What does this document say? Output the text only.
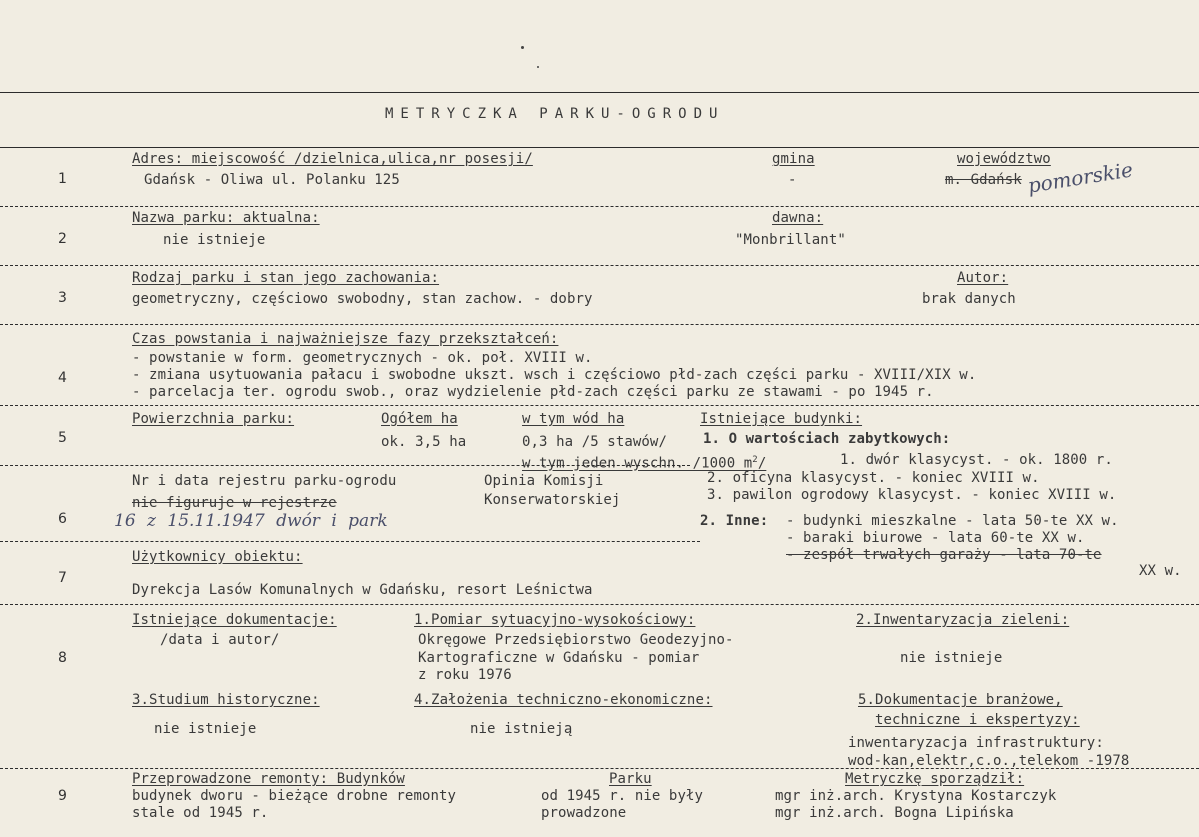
METRYCZKA PARKU-OGRODU
1
Adres: miejscowość /dzielnica,ulica,nr posesji/
Gdańsk - Oliwa ul. Polanku 125
gmina
-
województwo
m. Gdańsk pomorskie
2
Nazwa parku: aktualna:
nie istnieje
dawna:
"Monbrillant"
3
Rodzaj parku i stan jego zachowania:
geometryczny, częściowo swobodny, stan zachow. - dobry
Autor:
brak danych
4
Czas powstania i najważniejsze fazy przekształceń:
- powstanie w form. geometrycznych - ok. poł. XVIII w.
- zmiana usytuowania pałacu i swobodne ukszt. wsch i częściowo płd-zach części parku - XVIII/XIX w.
- parcelacja ter. ogrodu swob., oraz wydzielenie płd-zach części parku ze stawami - po 1945 r.
5
Powierzchnia parku:	Ogółem ha
ok. 3,5 ha
w tym wód ha
0,3 ha /5 stawów/
w tym jeden wyschn. /1000 $m^2/$
Istniejące budynki:
1. O wartościach zabytkowych:
1. dwór klasycyst. - ok. 1800 r.
2. oficyna klasycyst. - koniec XVIII w.
3. pawilon ogrodowy klasycyst. - koniec XVIII w.
2. Inne: - budynki mieszkalne - lata 50-te XX w.
- baraki biurowe - lata 60-te XX w.
- zespół trwałych garaży - lata 70-te
XX w.
6
Nr i data rejestru parku-ogrodu
nie figuruje w rejestrze
16 z 15.11.1947 dwór i park
Opinia Komisji
Konserwatorskiej
7
Użytkownicy obiektu:
Dyrekcja Lasów Komunalnych w Gdańsku, resort Leśnictwa
8
Istniejące dokumentacje:
/data i autor/
1.Pomiar sytuacyjno-wysokościowy:
Okręgowe Przedsiębiorstwo Geodezyjno-
Kartograficzne w Gdańsku - pomiar
z roku 1976
2.Inwentaryzacja zieleni:
nie istnieje
3.Studium historyczne:
nie istnieje
4.Założenia techniczno-ekonomiczne:
nie istnieją
5.Dokumentacje branżowe,
techniczne i ekspertyzy:
inwentaryzacja infrastruktury:
wod-kan,elektr,c.o.,telekom -1978
9
Przeprowadzone remonty: Budynków
budynek dworu - bieżące drobne remonty
stale od 1945 r.
Parku
od 1945 r. nie były
prowadzone
Metryczkę sporządził:
mgr inż.arch. Krystyna Kostarczyk
mgr inż.arch. Bogna Lipińska
